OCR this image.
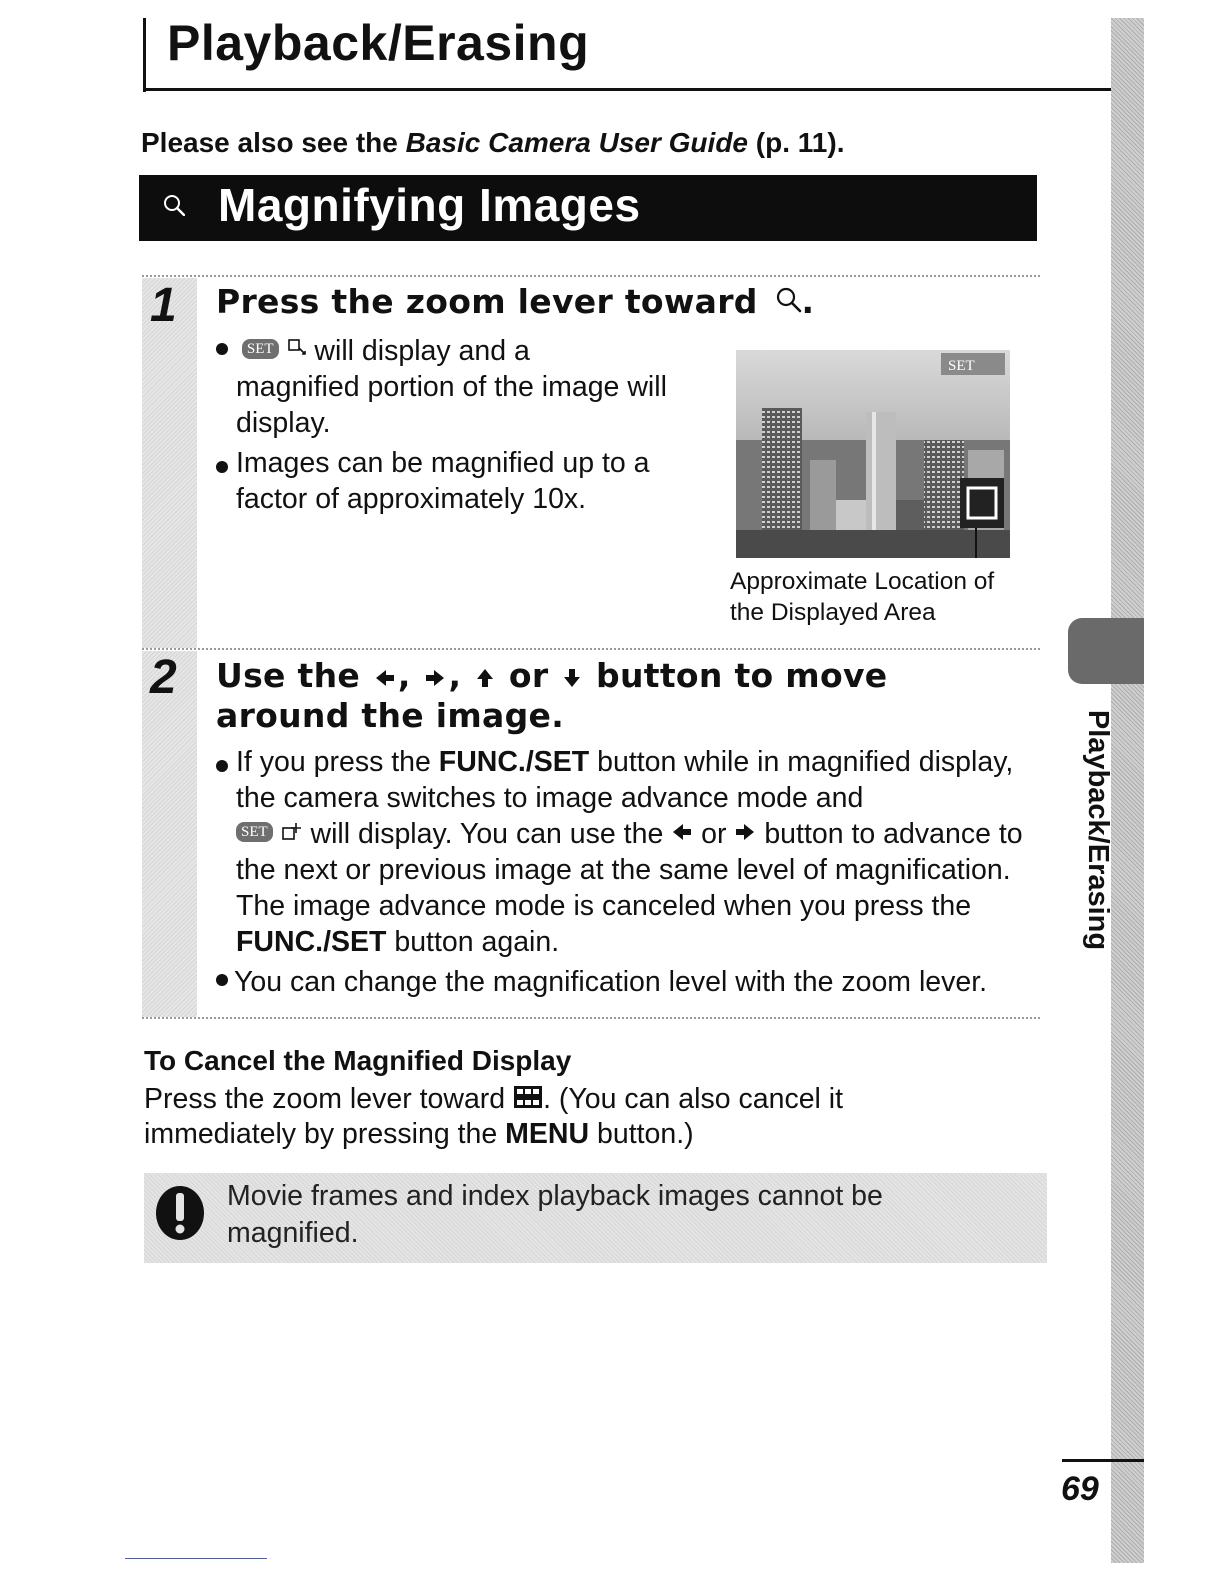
Playback/Erasing
Please also see the Basic Camera User Guide (p. 11).
Magnifying Images
Playback/Erasing
1 Press the zoom lever toward .
SET  will display and a
magnified portion of the image will display.
Images can be magnified up to a factor of approximately 10x.
SET
Approximate Location of
the Displayed Area
2 Use the , ,  or button to move
around the image.
If you press the FUNC./SET button while in magnified display, the camera switches to image advance mode and
SET  will display. You can use the  or  button to advance to the next or previous image at the same level of magnification. The image advance mode is canceled when you press the FUNC./SET button again.
You can change the magnification level with the zoom lever.
To Cancel the Magnified Display
Press the zoom lever toward . (You can also cancel it
immediately by pressing the MENU button.)
Movie frames and index playback images cannot be
magnified.
69
